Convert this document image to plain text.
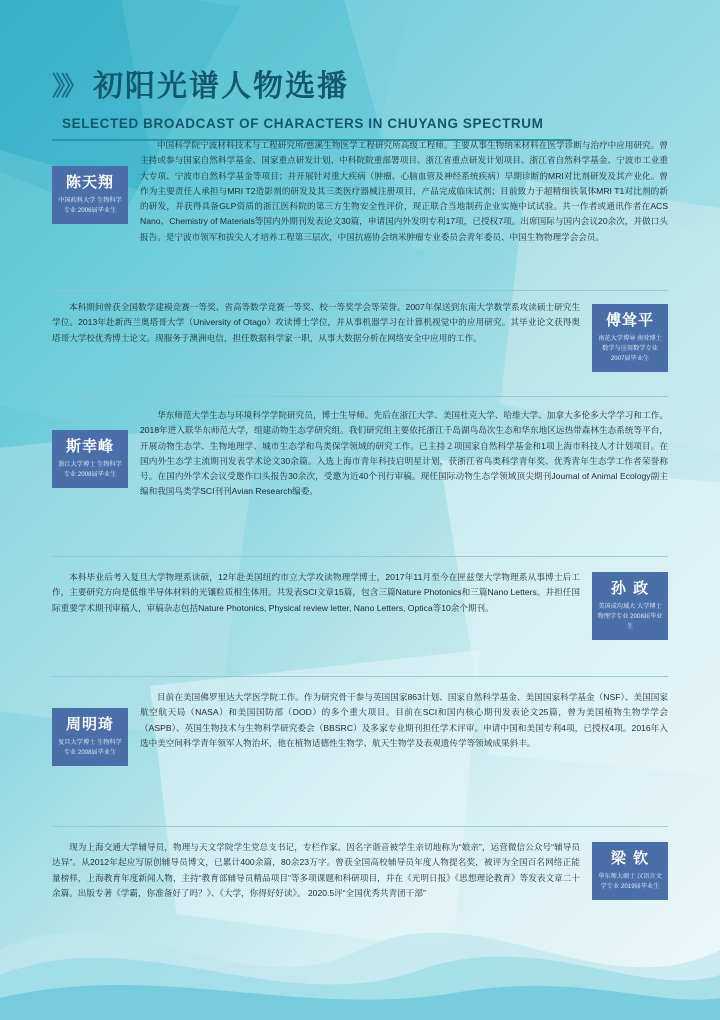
》》 初阳光谱人物选播
SELECTED BROADCAST OF CHARACTERS IN CHUYANG SPECTRUM
陈天翔
中国药科大学 生物科学专业 2006届毕业生
中国科学院宁波材料技术与工程研究所/慈溪生物医学工程研究所高级工程师。主要从事生物纳米材料在医学诊断与治疗中应用研究。曾主持或参与国家自然科学基金、国家重点研发计划、中科院院重部署项目、浙江省重点研发计划项目、浙江省自然科学基金、宁波市工业重大专项、宁波市自然科学基金等项目；并开展针对重大疾病（肿瘤、心脑血管及神经系统疾病）早期诊断的MRI对比剂研发及其产业化。曾作为主要责任人承担与MRI T2造影剂的研发及其三类医疗器械注册项目，产品完成临床试剂；目前致力于超精细铁氧体MRI T1对比剂的新的研发，并获得具备GLP资质的浙江医科院的第三方生物安全性评价，现正联合当地制药企业实施中试试验。共一作者或通讯作者在ACS Nano、Chemistry of Materials等国内外期刊发表论文30篇，申请国内外发明专利17项，已授权7项。出席国际与国内会议20余次，并做口头报告。是宁波市领军和拔尖人才培养工程第三层次，中国抗癌协会纳米肿瘤专业委员会青年委员、中国生物物理学会会员。
傅耸平
南花大学博导 南耸博士 数学与应用数学专业 2007届毕业生
本科期间曾获全国数学建模竞赛一等奖、省高等数学竞赛一等奖、校一等奖学会等荣誉。2007年保送到东南大学数学系攻读硕士研究生学位。2013年赴新西兰奥塔哥大学（University of Otago）攻读博士学位，并从事机器学习在计算机视觉中的应用研究。其毕业论文获得奥塔哥大学校优秀博士论文。现服务于澳洲电信，担任数据科学家一职，从事大数据分析在网络安全中应用的工作。
斯幸峰
浙江大学博士 生物科学专业 2008届毕业生
华东师范大学生态与环境科学学院研究员，博士生导师。先后在浙江大学、美国杜克大学、哈维大学、加拿大多伦多大学学习和工作。2018年进入联华东师范大学，组建动物生态学研究组。我们研究组主要依托浙江千岛湖鸟岛次生态和华东地区远热带森林生态系统等平台，开展动物生态学、生物地理学、城市生态学和鸟类保学领域的研究工作。已主持２项国家自然科学基金和1项上海市科技人才计划项目。在国内外生态学主流期刊发表学术论文30余篇。入选上海市青年科技启明星计划，获浙江省鸟类科学青年奖、优秀青年生态学工作者荣誉称号。在国内外学术会议受邀作口头报告30余次，受邀为近40个刊行审稿。现任国际动物生态学领域顶尖期刊Journal of Animal Ecology副主编和我国鸟类学SCI刊刊Avian Research编委。
孙 政
美国成均域大 大学博士 物理学专业 2008届毕业生
本科毕业后考入复旦大学物理系读硕，12年赴美国纽约市立大学攻读物理学博士，2017年11月至今在匣兹堡大学物理系从事博士后工作，主要研究方向是低维半导体材料的光镶粒质相生体用。共发表SCI文章15篇，包含三篇Nature Photonics和三篇Nano Letters。并担任国际重要学术期刊审稿人，审稿杂志包括Nature Photonics, Physical review letter, Nano Letters, Optica等10余个期刊。
周明琦
复旦大学博士 生物科学专业 2008届毕业生
目前在美国佛罗里达大学医学院工作。作为研究骨干参与英国国家863计划、国家自然科学基金、美国国家科学基金（NSF）、美国国家航空航天局（NASA）和美国国防部（DOD）的多个重大项目。目前在SCI和国内核心期刊发表论文25篇，曾为美国植物生物学学会（ASPB）、英国生物技术与生物科学研究委会（BBSRC）及多家专业期刊担任学术评审。申请中国和美国专利4项，已授权4项。2016年入选中美空间科学青年领军人物治坏，他在植物适德性生物学、航天生物学及表观遗传学等领域成果斜丰。
梁 钦
华东师大硕士 汉语言文学专业 2019届毕业生
现为上海交通大学辅导员，物理与天文学院学生党总支书记，专栏作家。因名字谐音被学生亲切地称为“娘亲”，运营微信公众号“辅导员达异”。从2012年起应写原创辅导员博文，已累计400余篇，80余23万字。曾获全国高校辅导员年度人物提名奖，被评为全国百名网络正能量榜样，上海教育年度新闻人物，主持“教育部辅导员精品项目”等多项课题和科研项目，并在《光明日报》《思想理论教育》等发表文章二十余篇。出版专著《学霸，你准备好了吗？》、《大学，你得好好读》。 2020.5评“全国优秀共青团干部”
